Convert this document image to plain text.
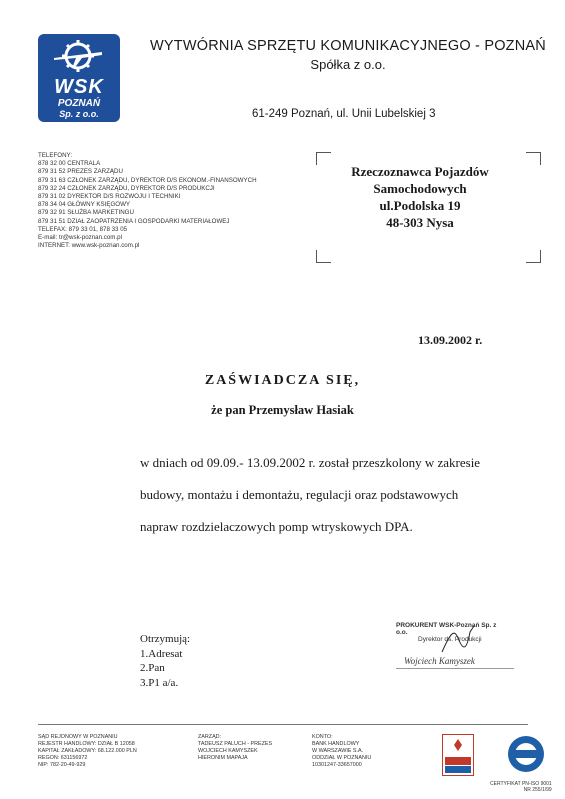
WSK
POZNAŃ
Sp. z o.o.
WYTWÓRNIA SPRZĘTU KOMUNIKACYJNEGO - POZNAŃ
Spółka z o.o.
61-249 Poznań, ul. Unii Lubelskiej 3
TELEFONY:
878 32 00 CENTRALA
879 31 52 PREZES ZARZĄDU
879 31 63 CZŁONEK ZARZĄDU, DYREKTOR D/S EKONOM.-FINANSOWYCH
879 32 24 CZŁONEK ZARZĄDU, DYREKTOR D/S PRODUKCJI
879 31 02 DYREKTOR D/S ROZWOJU I TECHNIKI
878 34 04 GŁÓWNY KSIĘGOWY
879 32 91 SŁUŻBA MARKETINGU
879 31 51 DZIAŁ ZAOPATRZENIA I GOSPODARKI MATERIAŁOWEJ
TELEFAX: 879 33 01, 878 33 05
E-mail: tr@wsk-poznan.com.pl
INTERNET: www.wsk-poznan.com.pl
Rzeczoznawca Pojazdów
Samochodowych
ul.Podolska 19
48-303 Nysa
13.09.2002 r.
ZAŚWIADCZA SIĘ,
że pan Przemysław Hasiak
w dniach od 09.09.- 13.09.2002 r. został przeszkolony w zakresie
budowy, montażu i demontażu, regulacji oraz podstawowych
napraw rozdzielaczowych pomp wtryskowych DPA.
Otrzymują:
1.Adresat
2.Pan
3.P1 a/a.
PROKURENT WSK-Poznań Sp. z o.o.
Dyrektor ds. Produkcji
Wojciech Kamyszek
SĄD REJONOWY W POZNANIU
REJESTR HANDLOWY: DZIAŁ B 12058
KAPITAŁ ZAKŁADOWY: 68.122.000 PLN
REGON: 631156972
NIP: 782-20-49-929
ZARZĄD:
TADEUSZ PALUCH - PREZES
WOJCIECH KAMYSZEK
HIERONIM MAPAJA
KONTO:
BANK HANDLOWY
W WARSZAWIE S.A.
ODDZIAŁ W POZNANIU
10301247-33657000
CERTYFIKAT PN-ISO 9001
NR 255/1/99
